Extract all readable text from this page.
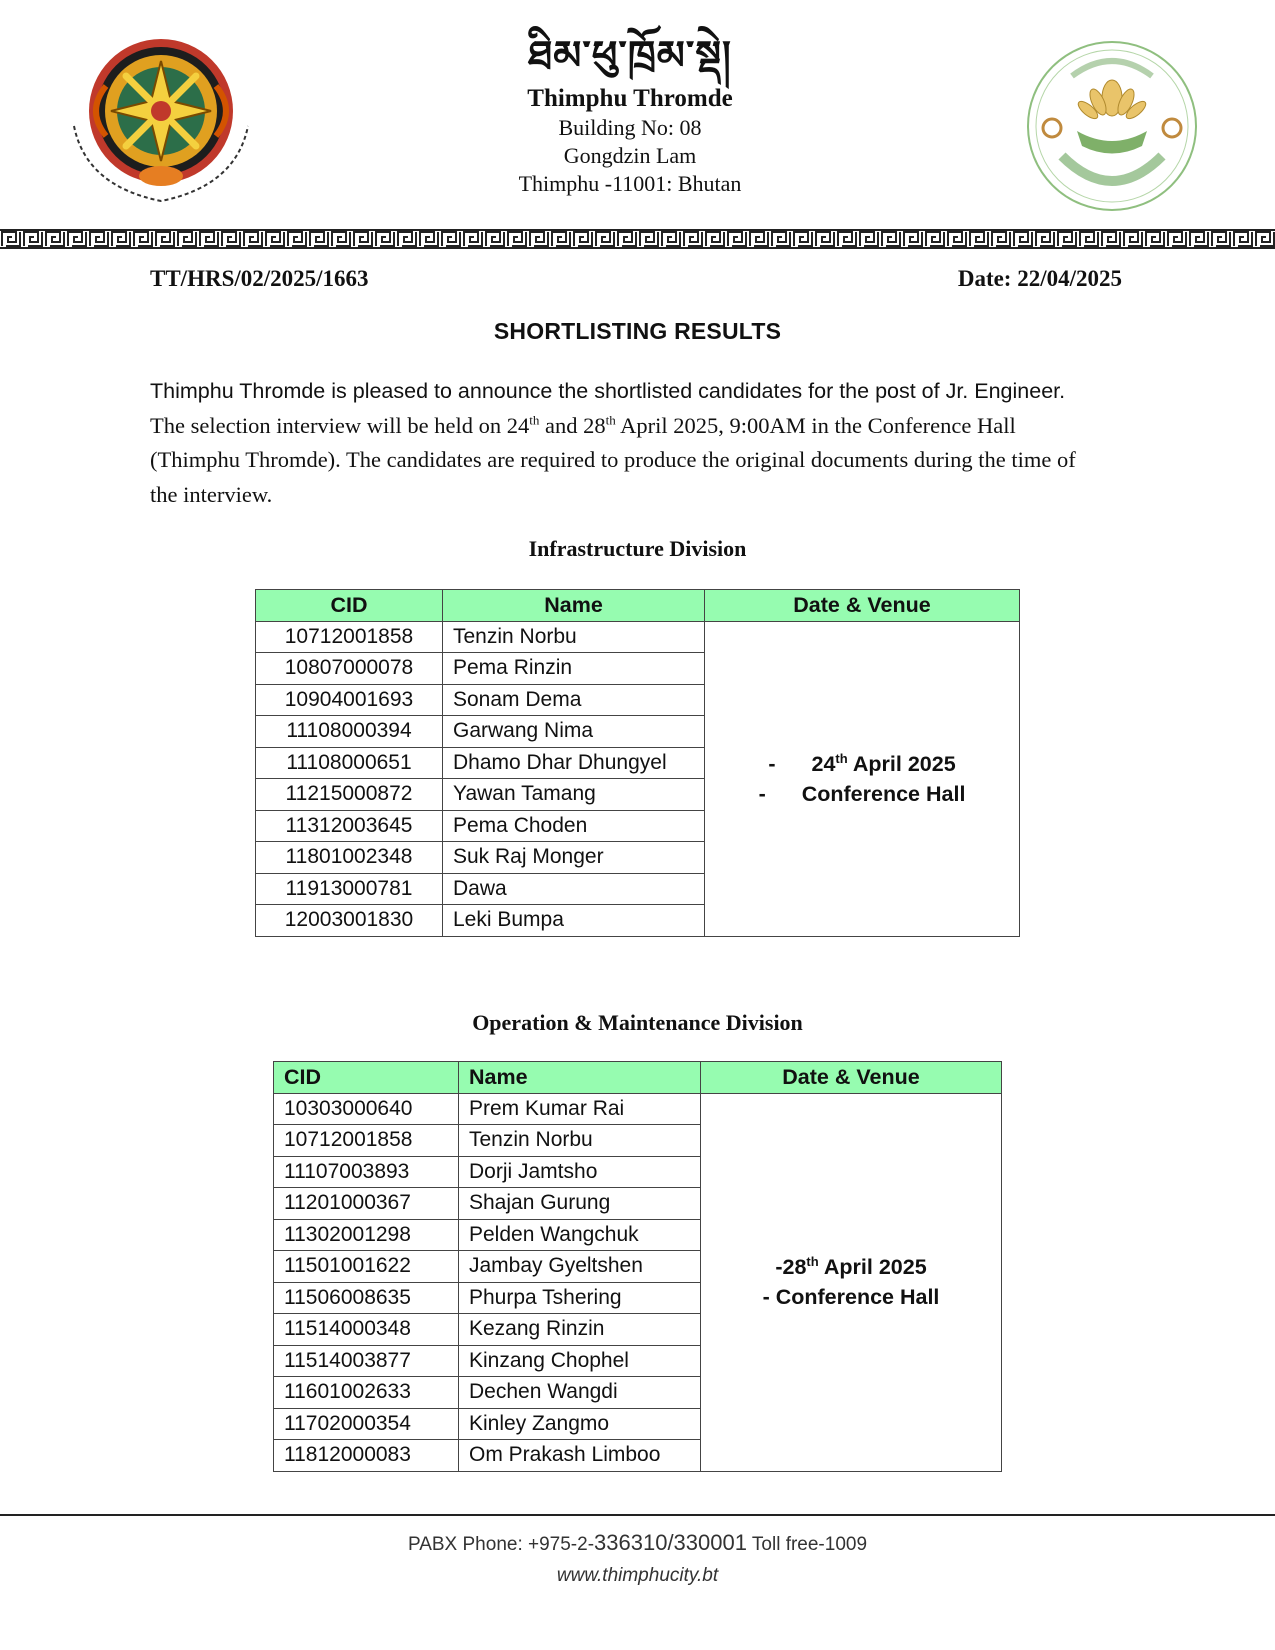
ཐིམ་ཕུ་ཁྲོམ་སྡེ།
Thimphu Thromde
Building No: 08
Gongdzin Lam
Thimphu -11001: Bhutan
TT/HRS/02/2025/1663	Date: 22/04/2025
SHORTLISTING RESULTS
Thimphu Thromde is pleased to announce the shortlisted candidates for the post of Jr. Engineer. The selection interview will be held on 24th and 28th April 2025, 9:00AM in the Conference Hall (Thimphu Thromde). The candidates are required to produce the original documents during the time of the interview.
Infrastructure Division
CID	Name	Date & Venue
10712001858	Tenzin Norbu	- 24th April 2025
- Conference Hall

10807000078	Pema Rinzin	
10904001693	Sonam Dema	
11108000394	Garwang Nima	
11108000651	Dhamo Dhar Dhungyel	
11215000872	Yawan Tamang	
11312003645	Pema Choden	
11801002348	Suk Raj Monger	
11913000781	Dawa	
12003001830	Leki Bumpa	
Operation & Maintenance Division
CID	Name	Date & Venue
10303000640	Prem Kumar Rai	-28th April 2025
- Conference Hall

10712001858	Tenzin Norbu	
11107003893	Dorji Jamtsho	
11201000367	Shajan Gurung	
11302001298	Pelden Wangchuk	
11501001622	Jambay Gyeltshen	
11506008635	Phurpa Tshering	
11514000348	Kezang Rinzin	
11514003877	Kinzang Chophel	
11601002633	Dechen Wangdi	
11702000354	Kinley Zangmo	
11812000083	Om Prakash Limboo	
PABX Phone: +975-2-336310/330001 Toll free-1009
www.thimphucity.bt
